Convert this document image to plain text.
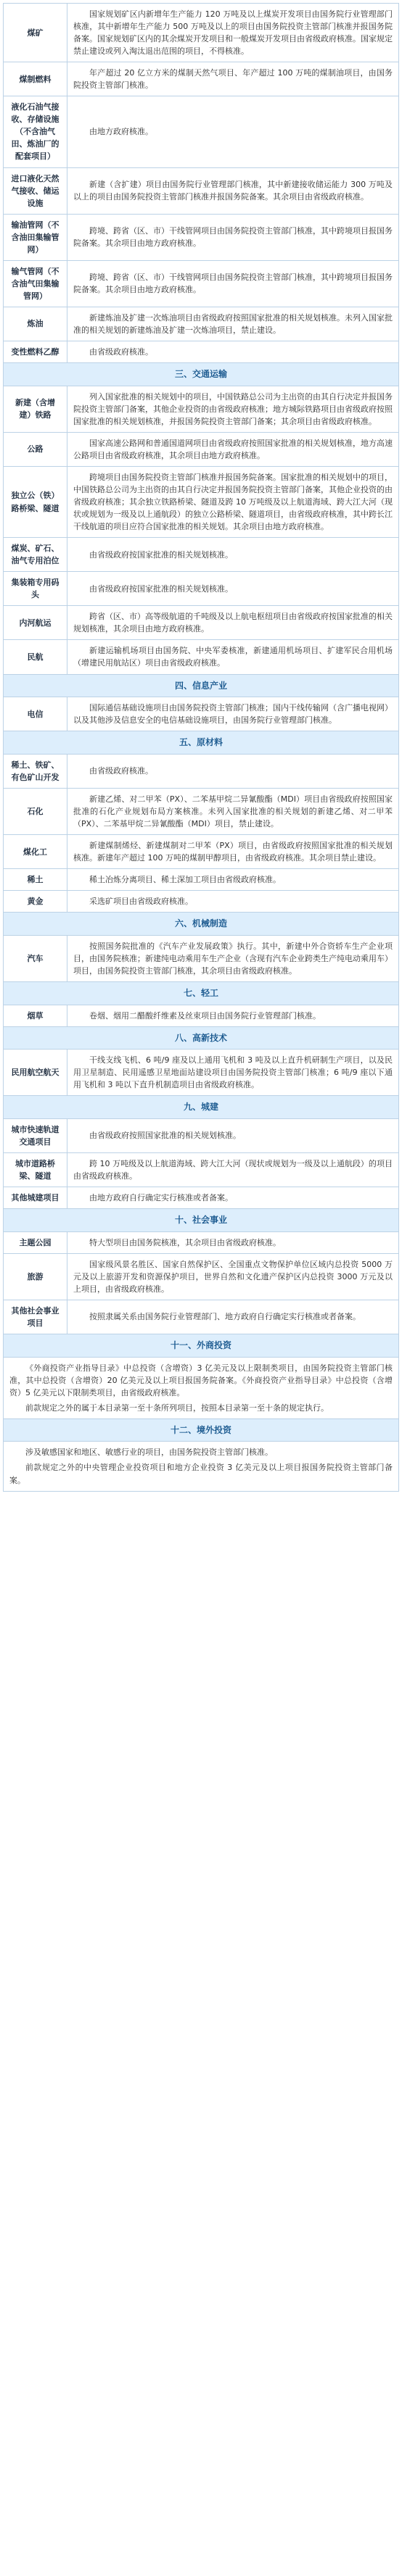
煤矿	国家规划矿区内新增年生产能力 120 万吨及以上煤炭开发项目由国务院行业管理部门核准，其中新增年生产能力 500 万吨及以上的项目由国务院投资主管部门核准并报国务院备案。国家规划矿区内的其余煤炭开发项目和一般煤炭开发项目由省级政府核准。国家规定禁止建设或列入淘汰退出范围的项目，不得核准。

煤制燃料	年产超过 20 亿立方米的煤制天然气项目、年产超过 100 万吨的煤制油项目，由国务院投资主管部门核准。

液化石油气接收、存储设施（不含油气田、炼油厂的配套项目）	由地方政府核准。

进口液化天然气接收、储运设施	新建（含扩建）项目由国务院行业管理部门核准，其中新建接收储运能力 300 万吨及以上的项目由国务院投资主管部门核准并报国务院备案。其余项目由省级政府核准。

输油管网（不含油田集输管网）	跨境、跨省（区、市）干线管网项目由国务院投资主管部门核准，其中跨境项目报国务院备案。其余项目由地方政府核准。

输气管网（不含油气田集输管网）	跨境、跨省（区、市）干线管网项目由国务院投资主管部门核准，其中跨境项目报国务院备案。其余项目由地方政府核准。

炼油	新建炼油及扩建一次炼油项目由省级政府按照国家批准的相关规划核准。未列入国家批准的相关规划的新建炼油及扩建一次炼油项目，禁止建设。

变性燃料乙醇	由省级政府核准。

三、交通运输	
新建（含增建）铁路	列入国家批准的相关规划中的项目，中国铁路总公司为主出资的由其自行决定并报国务院投资主管部门备案，其他企业投资的由省级政府核准；地方城际铁路项目由省级政府按照国家批准的相关规划核准，并报国务院投资主管部门备案；其余项目由省级政府核准。

公路	国家高速公路网和普通国道网项目由省级政府按照国家批准的相关规划核准，地方高速公路项目由省级政府核准，其余项目由地方政府核准。

独立公（铁）路桥梁、隧道	跨境项目由国务院投资主管部门核准并报国务院备案。国家批准的相关规划中的项目，中国铁路总公司为主出资的由其自行决定并报国务院投资主管部门备案，其他企业投资的由省级政府核准；其余独立铁路桥梁、隧道及跨 10 万吨级及以上航道海域、跨大江大河（现状或规划为一级及以上通航段）的独立公路桥梁、隧道项目，由省级政府核准，其中跨长江干线航道的项目应符合国家批准的相关规划。其余项目由地方政府核准。

煤炭、矿石、油气专用泊位	由省级政府按国家批准的相关规划核准。

集装箱专用码头	由省级政府按国家批准的相关规划核准。

内河航运	跨省（区、市）高等级航道的千吨级及以上航电枢纽项目由省级政府按国家批准的相关规划核准，其余项目由地方政府核准。

民航	新建运输机场项目由国务院、中央军委核准，新建通用机场项目、扩建军民合用机场（增建民用航站区）项目由省级政府核准。

四、信息产业	
电信	国际通信基础设施项目由国务院投资主管部门核准；国内干线传输网（含广播电视网）以及其他涉及信息安全的电信基础设施项目，由国务院行业管理部门核准。

五、原材料	
稀土、铁矿、有色矿山开发	由省级政府核准。

石化	新建乙烯、对二甲苯（PX）、二苯基甲烷二异氰酸酯（MDI）项目由省级政府按照国家批准的石化产业规划布局方案核准。未列入国家批准的相关规划的新建乙烯、对二甲苯（PX）、二苯基甲烷二异氰酸酯（MDI）项目，禁止建设。

煤化工	新建煤制烯烃、新建煤制对二甲苯（PX）项目，由省级政府按照国家批准的相关规划核准。新建年产超过 100 万吨的煤制甲醇项目，由省级政府核准。其余项目禁止建设。

稀土	稀土冶炼分离项目、稀土深加工项目由省级政府核准。

黄金	采选矿项目由省级政府核准。

六、机械制造	
汽车	按照国务院批准的《汽车产业发展政策》执行。其中，新建中外合资轿车生产企业项目，由国务院核准；新建纯电动乘用车生产企业（含现有汽车企业跨类生产纯电动乘用车）项目，由国务院投资主管部门核准，其余项目由省级政府核准。

七、轻工	
烟草	卷烟、烟用二醋酸纤维素及丝束项目由国务院行业管理部门核准。

八、高新技术	
民用航空航天	干线支线飞机、6 吨/9 座及以上通用飞机和 3 吨及以上直升机研制生产项目，以及民用卫星制造、民用遥感卫星地面站建设项目由国务院投资主管部门核准；6 吨/9 座以下通用飞机和 3 吨以下直升机制造项目由省级政府核准。

九、城建	
城市快速轨道交通项目	由省级政府按照国家批准的相关规划核准。

城市道路桥梁、隧道	跨 10 万吨级及以上航道海域、跨大江大河（现状或规划为一级及以上通航段）的项目由省级政府核准。

其他城建项目	由地方政府自行确定实行核准或者备案。

十、社会事业	
主题公园	特大型项目由国务院核准，其余项目由省级政府核准。

旅游	国家级风景名胜区、国家自然保护区、全国重点文物保护单位区域内总投资 5000 万元及以上旅游开发和资源保护项目，世界自然和文化遗产保护区内总投资 3000 万元及以上项目，由省级政府核准。

其他社会事业项目	按照隶属关系由国务院行业管理部门、地方政府自行确定实行核准或者备案。

十一、外商投资	

《外商投资产业指导目录》中总投资（含增资）3 亿美元及以上限制类项目，由国务院投资主管部门核准，其中总投资（含增资）20 亿美元及以上项目报国务院备案。《外商投资产业指导目录》中总投资（含增资）5 亿美元以下限制类项目，由省级政府核准。
前款规定之外的属于本目录第一至十条所列项目，按照本目录第一至十条的规定执行。	

十二、境外投资	

涉及敏感国家和地区、敏感行业的项目，由国务院投资主管部门核准。
前款规定之外的中央管理企业投资项目和地方企业投资 3 亿美元及以上项目报国务院投资主管部门备案。	
